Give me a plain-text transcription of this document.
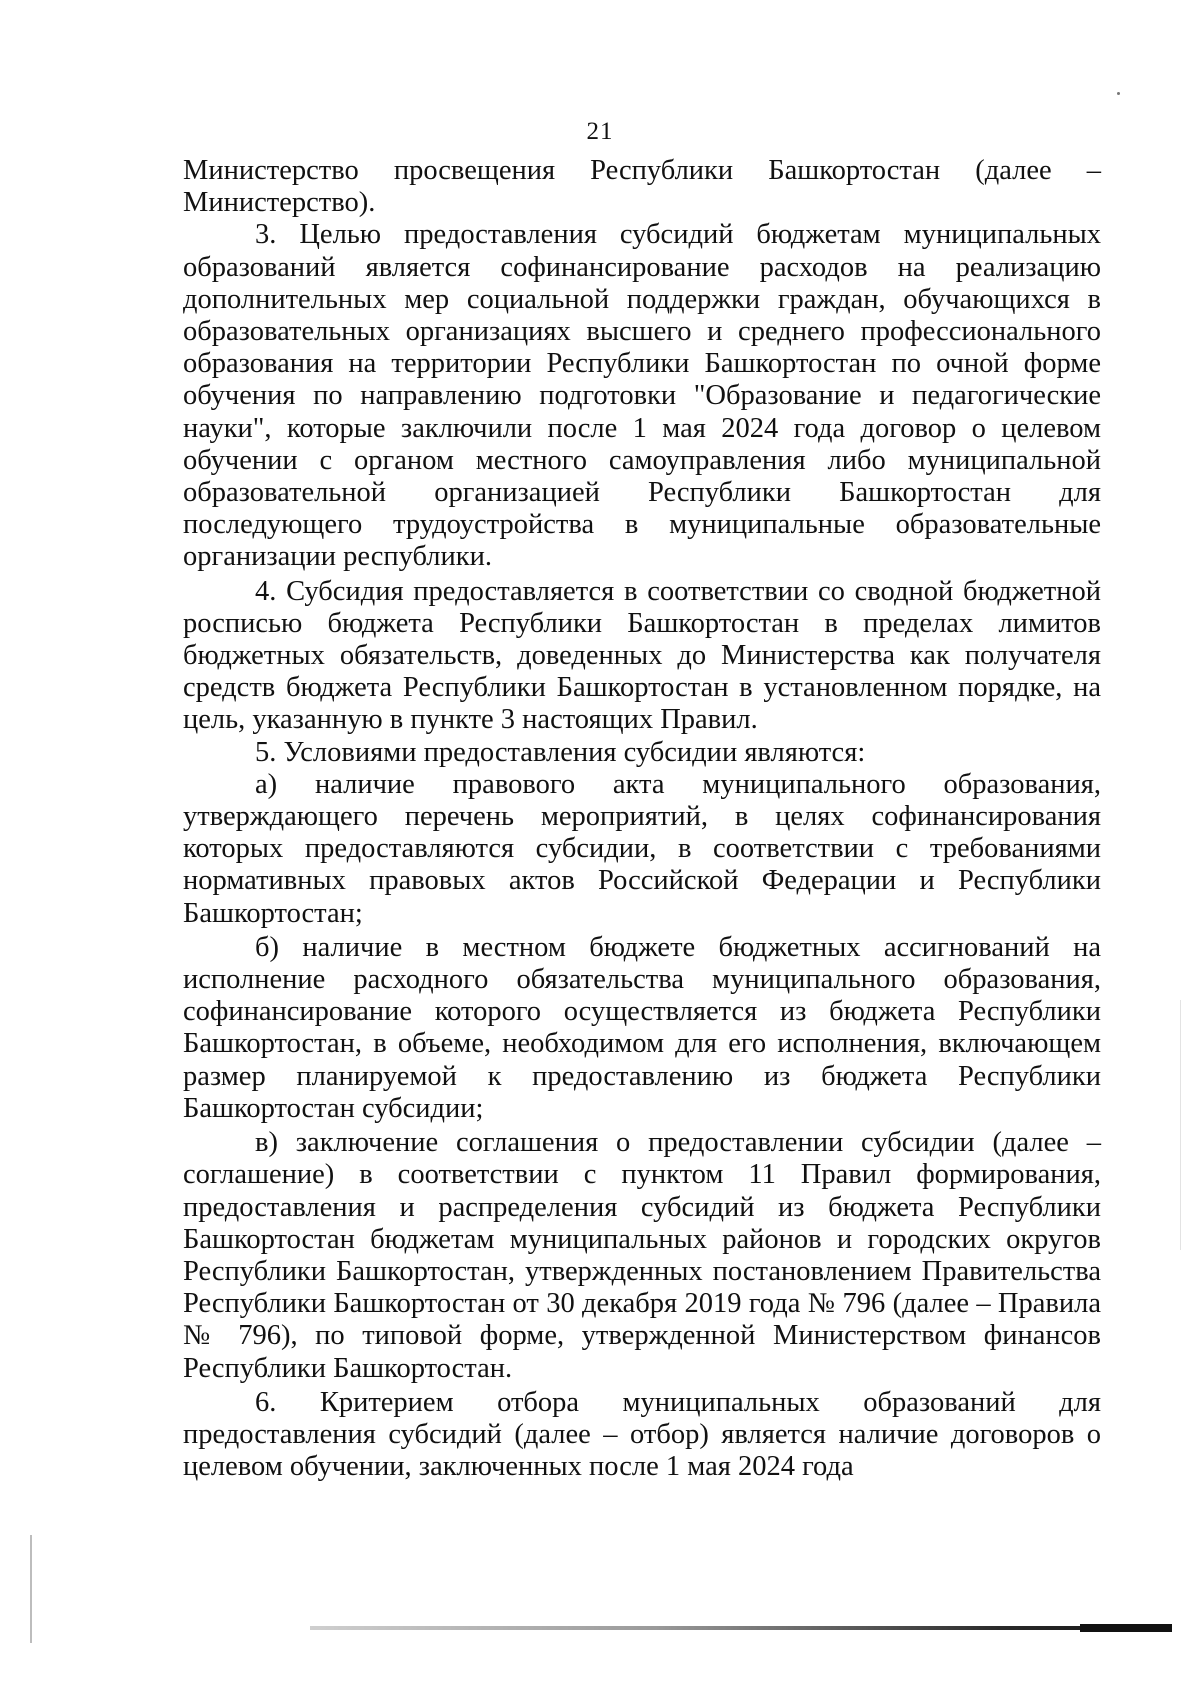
21

Министерство просвещения Республики Башкортостан (далее – Министерство).

3. Целью предоставления субсидий бюджетам муниципальных образований является софинансирование расходов на реализацию дополнительных мер социальной поддержки граждан, обучающихся в образовательных организациях высшего и среднего профессионального образования на территории Республики Башкортостан по очной форме обучения по направлению подготовки "Образование и педагогические науки", которые заключили после 1 мая 2024 года договор о целевом обучении с органом местного самоуправления либо муниципальной образовательной организацией Республики Башкортостан для последующего трудоустройства в муниципальные образовательные организации республики.

4. Субсидия предоставляется в соответствии со сводной бюджетной росписью бюджета Республики Башкортостан в пределах лимитов бюджетных обязательств, доведенных до Министерства как получателя средств бюджета Республики Башкортостан в установленном порядке, на цель, указанную в пункте 3 настоящих Правил.

5. Условиями предоставления субсидии являются:

а) наличие правового акта муниципального образования, утверждающего перечень мероприятий, в целях софинансирования которых предоставляются субсидии, в соответствии с требованиями нормативных правовых актов Российской Федерации и Республики Башкортостан;

б) наличие в местном бюджете бюджетных ассигнований на исполнение расходного обязательства муниципального образования, софинансирование которого осуществляется из бюджета Республики Башкортостан, в объеме, необходимом для его исполнения, включающем размер планируемой к предоставлению из бюджета Республики Башкортостан субсидии;

в) заключение соглашения о предоставлении субсидии (далее – соглашение) в соответствии с пунктом 11 Правил формирования, предоставления и распределения субсидий из бюджета Республики Башкортостан бюджетам муниципальных районов и городских округов Республики Башкортостан, утвержденных постановлением Правительства Республики Башкортостан от 30 декабря 2019 года № 796 (далее – Правила № 796), по типовой форме, утвержденной Министерством финансов Республики Башкортостан.

6. Критерием отбора муниципальных образований для предоставления субсидий (далее – отбор) является наличие договоров о целевом обучении, заключенных после 1 мая 2024 года
